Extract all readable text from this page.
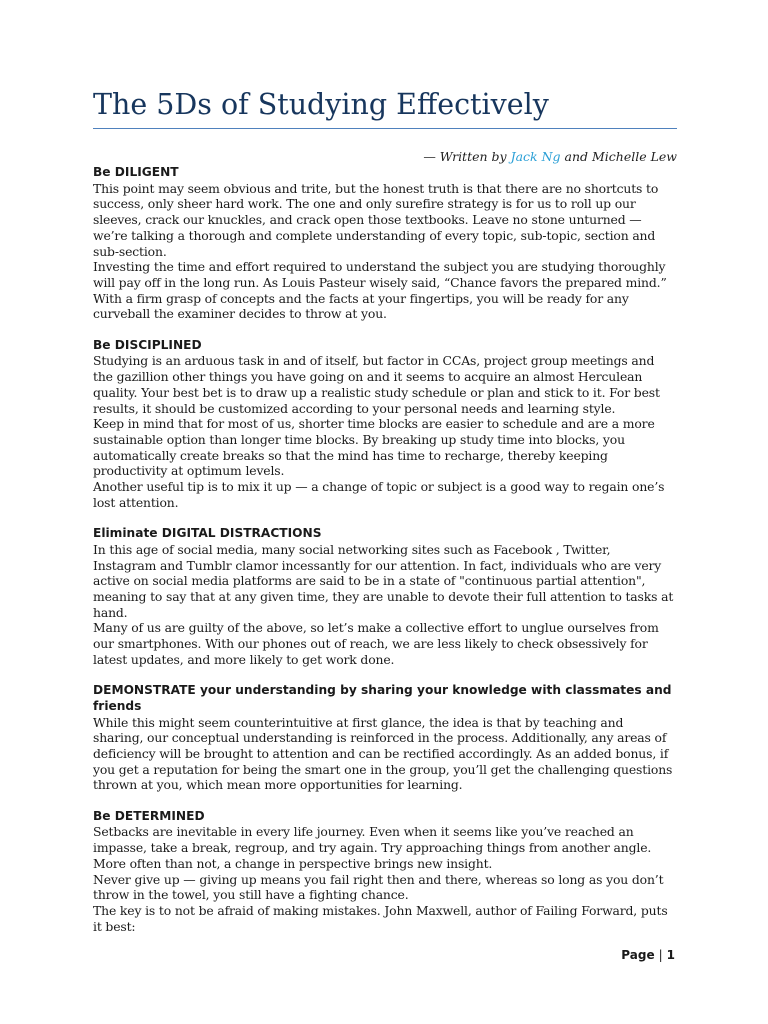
The 5Ds of Studying Effectively
— Written by Jack Ng and Michelle Lew

Be DILIGENT

This point may seem obvious and trite, but the honest truth is that there are no shortcuts to success, only sheer hard work. The one and only surefire strategy is for us to roll up our sleeves, crack our knuckles, and crack open those textbooks. Leave no stone unturned — we’re talking a thorough and complete understanding of every topic, sub-topic, section and sub-section.

Investing the time and effort required to understand the subject you are studying thoroughly will pay off in the long run. As Louis Pasteur wisely said, “Chance favors the prepared mind.” With a firm grasp of concepts and the facts at your fingertips, you will be ready for any curveball the examiner decides to throw at you.

Be DISCIPLINED

Studying is an arduous task in and of itself, but factor in CCAs, project group meetings and the gazillion other things you have going on and it seems to acquire an almost Herculean quality. Your best bet is to draw up a realistic study schedule or plan and stick to it. For best results, it should be customized according to your personal needs and learning style.

Keep in mind that for most of us, shorter time blocks are easier to schedule and are a more sustainable option than longer time blocks. By breaking up study time into blocks, you automatically create breaks so that the mind has time to recharge, thereby keeping productivity at optimum levels.

Another useful tip is to mix it up — a change of topic or subject is a good way to regain one’s lost attention.

Eliminate DIGITAL DISTRACTIONS

In this age of social media, many social networking sites such as Facebook , Twitter, Instagram and Tumblr clamor incessantly for our attention. In fact, individuals who are very active on social media platforms are said to be in a state of "continuous partial attention", meaning to say that at any given time, they are unable to devote their full attention to tasks at hand.

Many of us are guilty of the above, so let’s make a collective effort to unglue ourselves from our smartphones. With our phones out of reach, we are less likely to check obsessively for latest updates, and more likely to get work done.

DEMONSTRATE your understanding by sharing your knowledge with classmates and friends

While this might seem counterintuitive at first glance, the idea is that by teaching and sharing, our conceptual understanding is reinforced in the process. Additionally, any areas of deficiency will be brought to attention and can be rectified accordingly. As an added bonus, if you get a reputation for being the smart one in the group, you’ll get the challenging questions thrown at you, which mean more opportunities for learning.

Be DETERMINED

Setbacks are inevitable in every life journey. Even when it seems like you’ve reached an impasse, take a break, regroup, and try again. Try approaching things from another angle. More often than not, a change in perspective brings new insight.

Never give up — giving up means you fail right then and there, whereas so long as you don’t throw in the towel, you still have a fighting chance.

The key is to not be afraid of making mistakes. John Maxwell, author of Failing Forward, puts it best:

Page | 1
